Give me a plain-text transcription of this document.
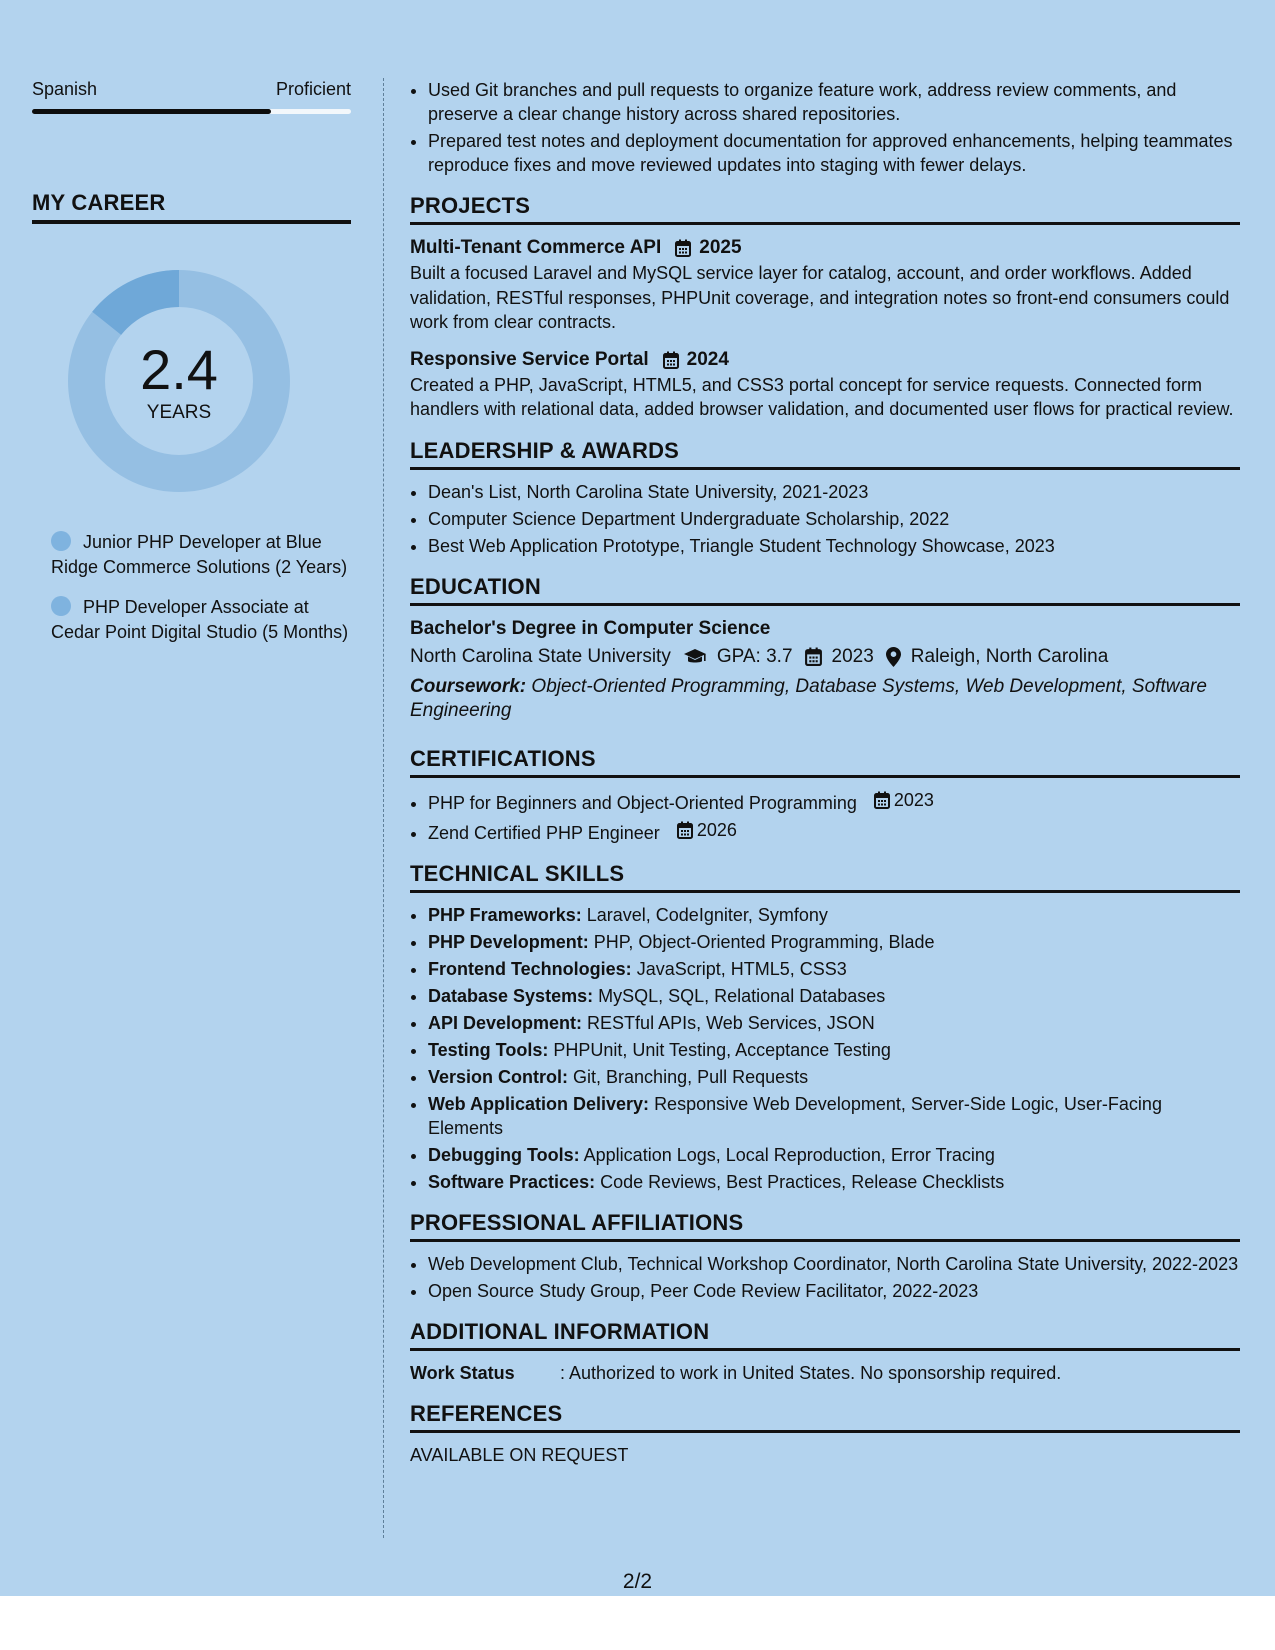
Spanish	Proficient
MY CAREER
2.4
YEARS
Junior PHP Developer at Blue Ridge Commerce Solutions (2 Years)
PHP Developer Associate at Cedar Point Digital Studio (5 Months)
• Used Git branches and pull requests to organize feature work, address review comments, and preserve a clear change history across shared repositories.
• Prepared test notes and deployment documentation for approved enhancements, helping teammates reproduce fixes and move reviewed updates into staging with fewer delays.
PROJECTS
Multi-Tenant Commerce API 2025
Built a focused Laravel and MySQL service layer for catalog, account, and order workflows. Added validation, RESTful responses, PHPUnit coverage, and integration notes so front-end consumers could work from clear contracts.
Responsive Service Portal 2024
Created a PHP, JavaScript, HTML5, and CSS3 portal concept for service requests. Connected form handlers with relational data, added browser validation, and documented user flows for practical review.
LEADERSHIP & AWARDS
• Dean's List, North Carolina State University, 2021-2023
• Computer Science Department Undergraduate Scholarship, 2022
• Best Web Application Prototype, Triangle Student Technology Showcase, 2023
EDUCATION
Bachelor's Degree in Computer Science
North Carolina State University GPA: 3.7 2023 Raleigh, North Carolina
Coursework: Object-Oriented Programming, Database Systems, Web Development, Software Engineering
CERTIFICATIONS
• PHP for Beginners and Object-Oriented Programming 2023
• Zend Certified PHP Engineer 2026
TECHNICAL SKILLS
• PHP Frameworks: Laravel, CodeIgniter, Symfony
• PHP Development: PHP, Object-Oriented Programming, Blade
• Frontend Technologies: JavaScript, HTML5, CSS3
• Database Systems: MySQL, SQL, Relational Databases
• API Development: RESTful APIs, Web Services, JSON
• Testing Tools: PHPUnit, Unit Testing, Acceptance Testing
• Version Control: Git, Branching, Pull Requests
• Web Application Delivery: Responsive Web Development, Server-Side Logic, User-Facing Elements
• Debugging Tools: Application Logs, Local Reproduction, Error Tracing
• Software Practices: Code Reviews, Best Practices, Release Checklists
PROFESSIONAL AFFILIATIONS
• Web Development Club, Technical Workshop Coordinator, North Carolina State University, 2022-2023
• Open Source Study Group, Peer Code Review Facilitator, 2022-2023
ADDITIONAL INFORMATION
Work Status	: Authorized to work in United States. No sponsorship required.
REFERENCES
AVAILABLE ON REQUEST
2/2
